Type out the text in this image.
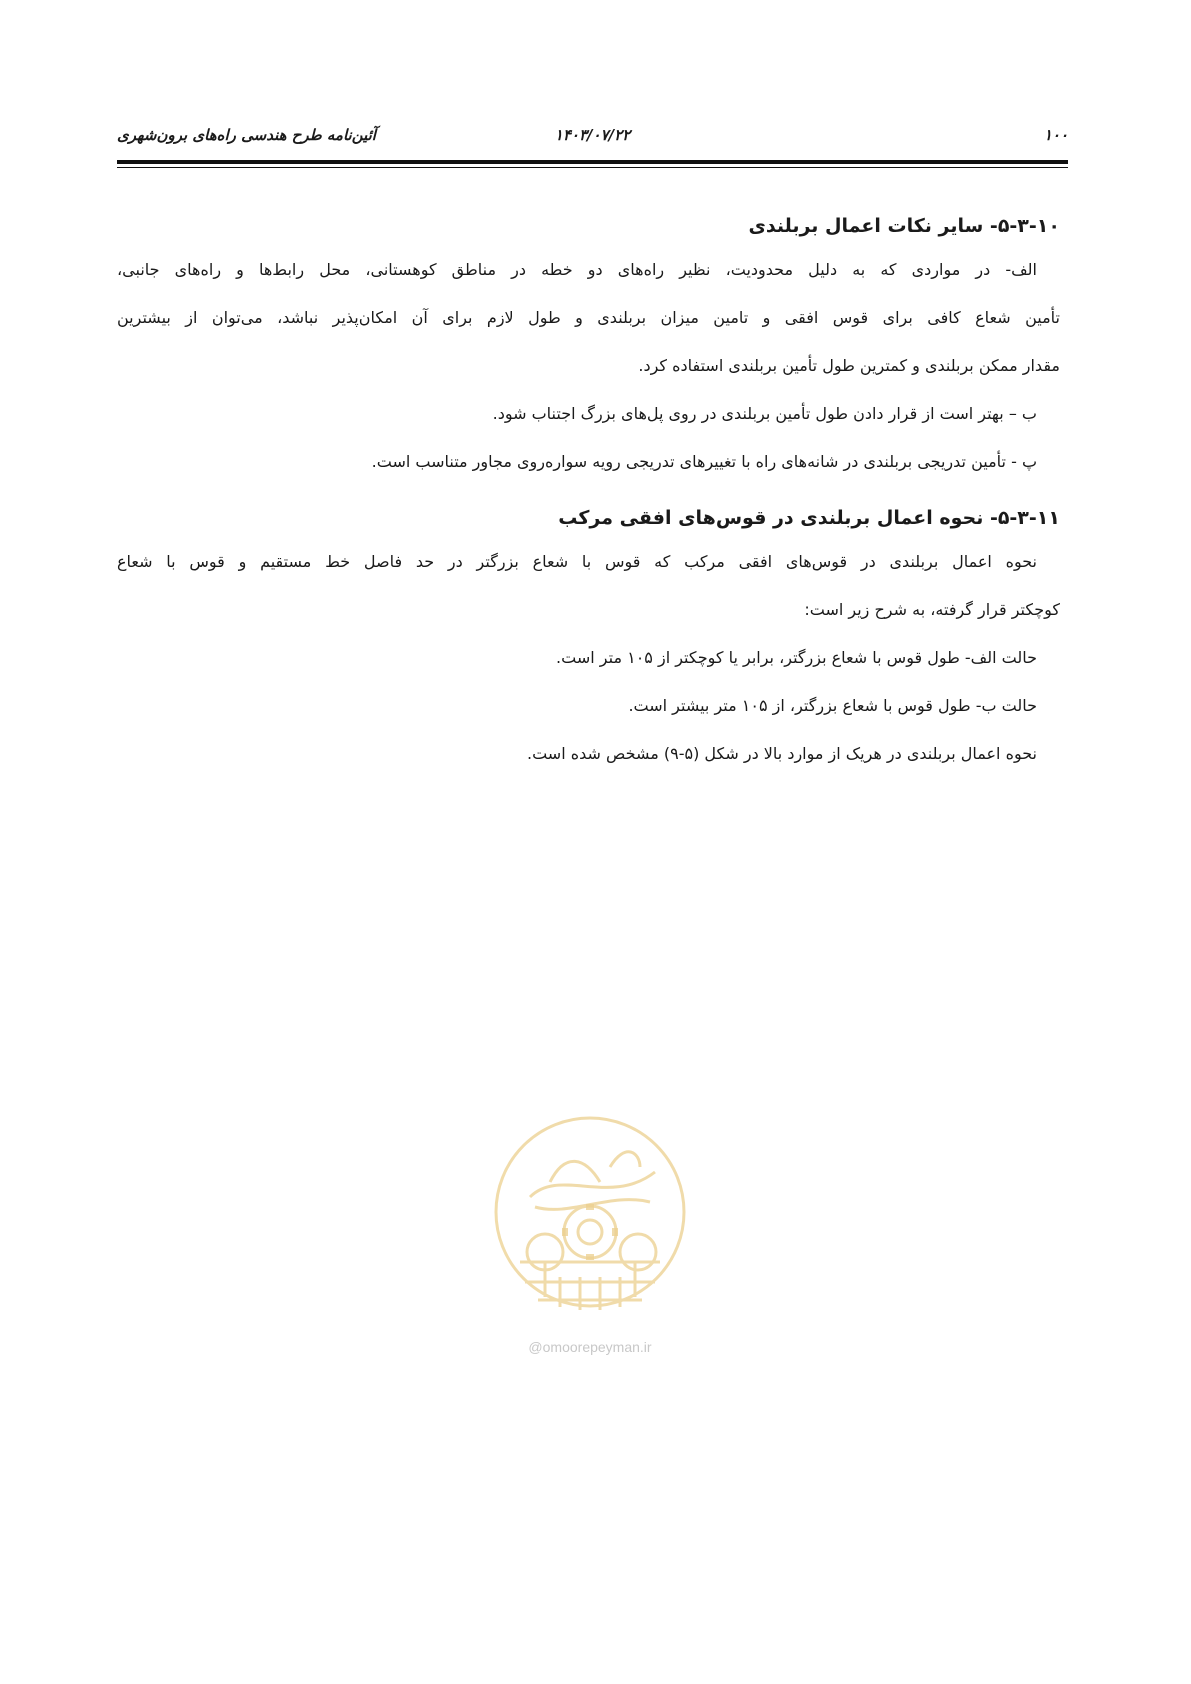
۱۰۰
۱۴۰۳/۰۷/۲۲
آئین‌نامه طرح هندسی راه‌های برون‌شهری
۵-۳-۱۰- سایر نکات اعمال بربلندی
الف- در مواردی که به دلیل محدودیت، نظیر راه‌های دو خطه در مناطق کوهستانی، محل رابط‌ها و راه‌های جانبی،
تأمین شعاع کافی برای قوس افقی و تامین میزان بربلندی و طول لازم برای آن امکان‌پذیر نباشد، می‌توان از بیشترین
مقدار ممکن بربلندی و کمترین طول تأمین بربلندی استفاده کرد.
ب – بهتر است از قرار دادن طول تأمین بربلندی در روی پل‌های بزرگ اجتناب شود.
پ - تأمین تدریجی بربلندی در شانه‌های راه با تغییرهای تدریجی رویه سواره‌روی مجاور متناسب است.
۵-۳-۱۱- نحوه اعمال بربلندی در قوس‌های افقی مرکب
نحوه اعمال بربلندی در قوس‌های افقی مرکب که قوس با شعاع بزرگتر در حد فاصل خط مستقیم و قوس با شعاع
کوچکتر قرار گرفته، به شرح زیر است:
حالت الف- طول قوس با شعاع بزرگتر، برابر یا کوچکتر از ۱۰۵ متر است.
حالت ب- طول قوس با شعاع بزرگتر، از ۱۰۵ متر بیشتر است.
نحوه اعمال بربلندی در هریک از موارد بالا در شکل (۵-۹) مشخص شده است.
@omoorepeyman.ir
